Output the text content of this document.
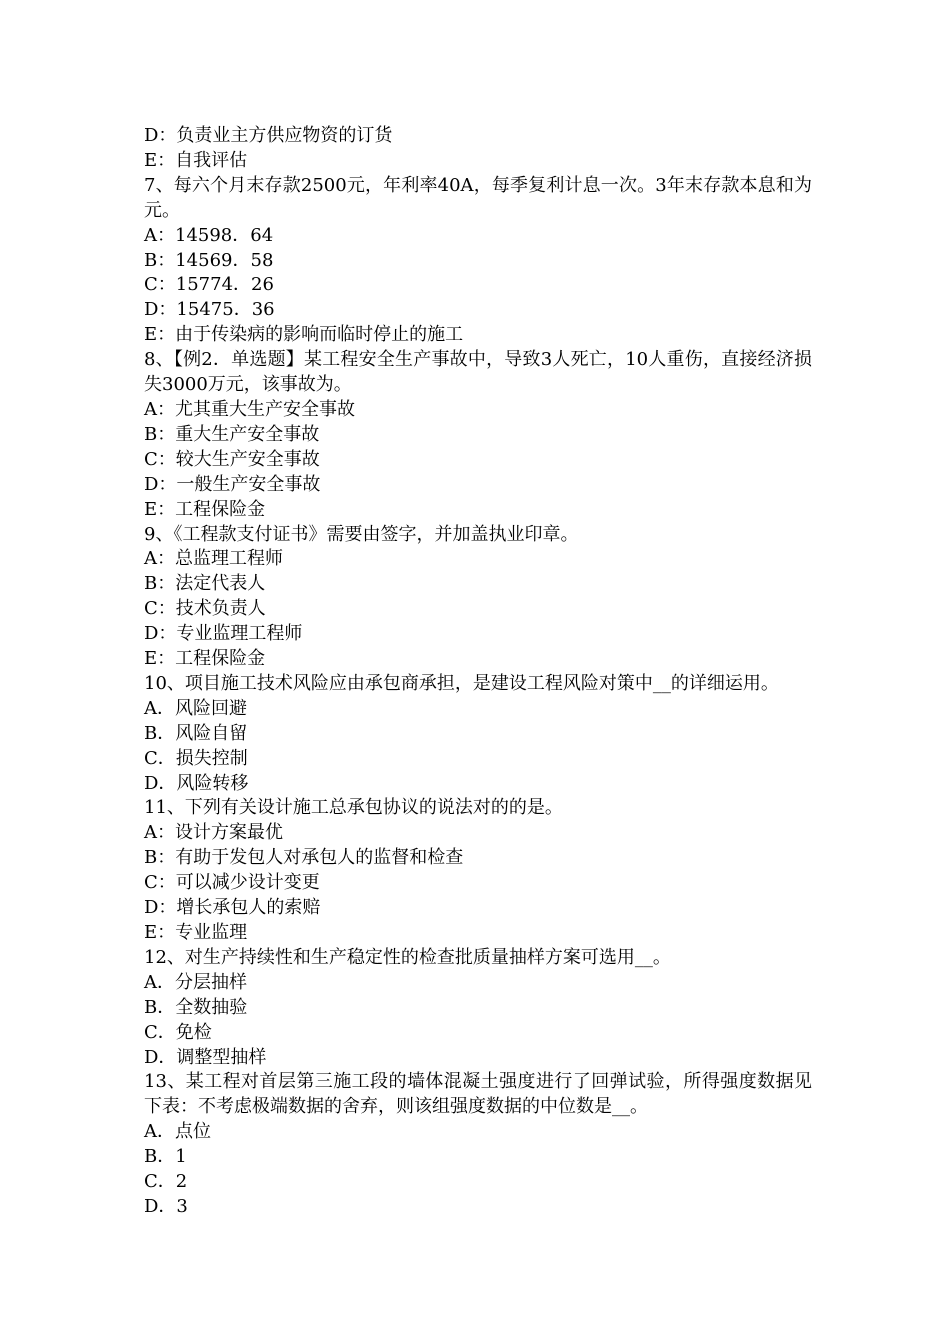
D：负责业主方供应物资的订货
E：自我评估
7、每六个月末存款2500元，年利率40A，每季复利计息一次。3年末存款本息和为元。
A：14598．64
B：14569．58
C：15774．26
D：15475．36
E：由于传染病的影响而临时停止的施工
8、【例2．单选题】某工程安全生产事故中，导致3人死亡，10人重伤，直接经济损失3000万元，该事故为。
A：尤其重大生产安全事故
B：重大生产安全事故
C：较大生产安全事故
D：一般生产安全事故
E：工程保险金
9、《工程款支付证书》需要由签字，并加盖执业印章。
A：总监理工程师
B：法定代表人
C：技术负责人
D：专业监理工程师
E：工程保险金
10、项目施工技术风险应由承包商承担，是建设工程风险对策中__的详细运用。
A．风险回避
B．风险自留
C．损失控制
D．风险转移
11、下列有关设计施工总承包协议的说法对的的是。
A：设计方案最优
B：有助于发包人对承包人的监督和检查
C：可以减少设计变更
D：增长承包人的索赔
E：专业监理
12、对生产持续性和生产稳定性的检查批质量抽样方案可选用__。
A．分层抽样
B．全数抽验
C．免检
D．调整型抽样
13、某工程对首层第三施工段的墙体混凝土强度进行了回弹试验，所得强度数据见下表：不考虑极端数据的舍弃，则该组强度数据的中位数是__。
A．点位
B．1
C．2
D．3
